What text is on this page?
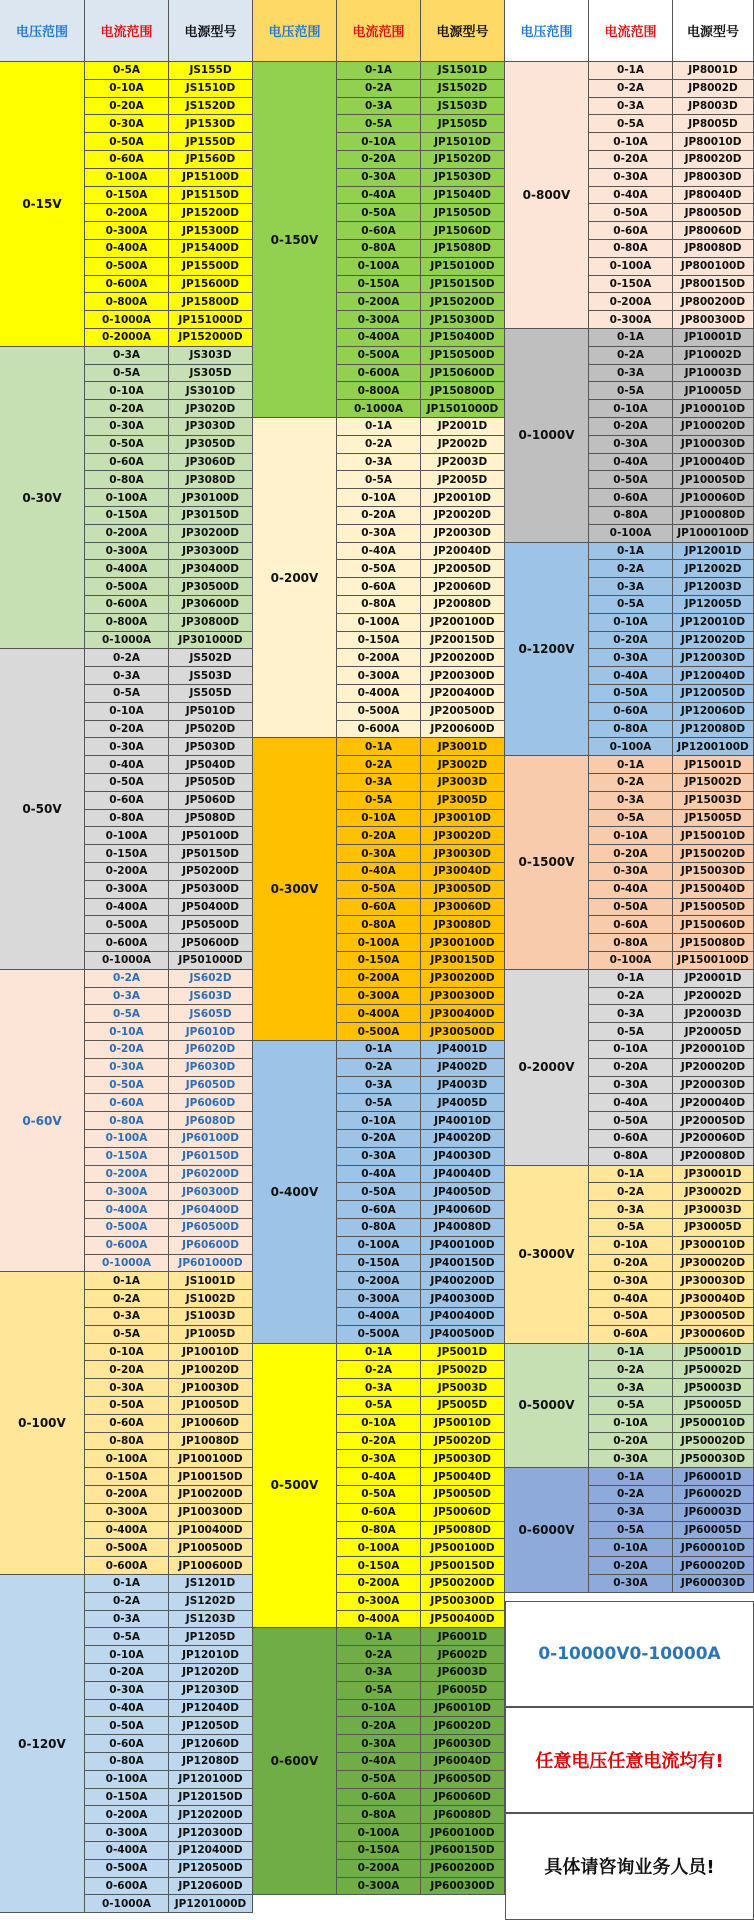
电压范围	电流范围	电源型号
0-15V
0-5A	JS155D
0-10A	JS1510D
0-20A	JS1520D
0-30A	JP1530D
0-50A	JP1550D
0-60A	JP1560D
0-100A	JP15100D
0-150A	JP15150D
0-200A	JP15200D
0-300A	JP15300D
0-400A	JP15400D
0-500A	JP15500D
0-600A	JP15600D
0-800A	JP15800D
0-1000A	JP151000D
0-2000A	JP152000D
0-30V
0-3A	JS303D
0-5A	JS305D
0-10A	JS3010D
0-20A	JP3020D
0-30A	JP3030D
0-50A	JP3050D
0-60A	JP3060D
0-80A	JP3080D
0-100A	JP30100D
0-150A	JP30150D
0-200A	JP30200D
0-300A	JP30300D
0-400A	JP30400D
0-500A	JP30500D
0-600A	JP30600D
0-800A	JP30800D
0-1000A	JP301000D
0-50V
0-2A	JS502D
0-3A	JS503D
0-5A	JS505D
0-10A	JP5010D
0-20A	JP5020D
0-30A	JP5030D
0-40A	JP5040D
0-50A	JP5050D
0-60A	JP5060D
0-80A	JP5080D
0-100A	JP50100D
0-150A	JP50150D
0-200A	JP50200D
0-300A	JP50300D
0-400A	JP50400D
0-500A	JP50500D
0-600A	JP50600D
0-1000A	JP501000D
0-60V
0-2A	JS602D
0-3A	JS603D
0-5A	JS605D
0-10A	JP6010D
0-20A	JP6020D
0-30A	JP6030D
0-50A	JP6050D
0-60A	JP6060D
0-80A	JP6080D
0-100A	JP60100D
0-150A	JP60150D
0-200A	JP60200D
0-300A	JP60300D
0-400A	JP60400D
0-500A	JP60500D
0-600A	JP60600D
0-1000A	JP601000D
0-100V
0-1A	JS1001D
0-2A	JS1002D
0-3A	JS1003D
0-5A	JP1005D
0-10A	JP10010D
0-20A	JP10020D
0-30A	JP10030D
0-50A	JP10050D
0-60A	JP10060D
0-80A	JP10080D
0-100A	JP100100D
0-150A	JP100150D
0-200A	JP100200D
0-300A	JP100300D
0-400A	JP100400D
0-500A	JP100500D
0-600A	JP100600D
0-120V
0-1A	JS1201D
0-2A	JS1202D
0-3A	JS1203D
0-5A	JP1205D
0-10A	JP12010D
0-20A	JP12020D
0-30A	JP12030D
0-40A	JP12040D
0-50A	JP12050D
0-60A	JP12060D
0-80A	JP12080D
0-100A	JP120100D
0-150A	JP120150D
0-200A	JP120200D
0-300A	JP120300D
0-400A	JP120400D
0-500A	JP120500D
0-600A	JP120600D
0-1000A	JP1201000D
电压范围	电流范围	电源型号
0-150V
0-1A	JS1501D
0-2A	JS1502D
0-3A	JS1503D
0-5A	JP1505D
0-10A	JP15010D
0-20A	JP15020D
0-30A	JP15030D
0-40A	JP15040D
0-50A	JP15050D
0-60A	JP15060D
0-80A	JP15080D
0-100A	JP150100D
0-150A	JP150150D
0-200A	JP150200D
0-300A	JP150300D
0-400A	JP150400D
0-500A	JP150500D
0-600A	JP150600D
0-800A	JP150800D
0-1000A	JP1501000D
0-200V
0-1A	JP2001D
0-2A	JP2002D
0-3A	JP2003D
0-5A	JP2005D
0-10A	JP20010D
0-20A	JP20020D
0-30A	JP20030D
0-40A	JP20040D
0-50A	JP20050D
0-60A	JP20060D
0-80A	JP20080D
0-100A	JP200100D
0-150A	JP200150D
0-200A	JP200200D
0-300A	JP200300D
0-400A	JP200400D
0-500A	JP200500D
0-600A	JP200600D
0-300V
0-1A	JP3001D
0-2A	JP3002D
0-3A	JP3003D
0-5A	JP3005D
0-10A	JP30010D
0-20A	JP30020D
0-30A	JP30030D
0-40A	JP30040D
0-50A	JP30050D
0-60A	JP30060D
0-80A	JP30080D
0-100A	JP300100D
0-150A	JP300150D
0-200A	JP300200D
0-300A	JP300300D
0-400A	JP300400D
0-500A	JP300500D
0-400V
0-1A	JP4001D
0-2A	JP4002D
0-3A	JP4003D
0-5A	JP4005D
0-10A	JP40010D
0-20A	JP40020D
0-30A	JP40030D
0-40A	JP40040D
0-50A	JP40050D
0-60A	JP40060D
0-80A	JP40080D
0-100A	JP400100D
0-150A	JP400150D
0-200A	JP400200D
0-300A	JP400300D
0-400A	JP400400D
0-500A	JP400500D
0-500V
0-1A	JP5001D
0-2A	JP5002D
0-3A	JP5003D
0-5A	JP5005D
0-10A	JP50010D
0-20A	JP50020D
0-30A	JP50030D
0-40A	JP50040D
0-50A	JP50050D
0-60A	JP50060D
0-80A	JP50080D
0-100A	JP500100D
0-150A	JP500150D
0-200A	JP500200D
0-300A	JP500300D
0-400A	JP500400D
0-600V
0-1A	JP6001D
0-2A	JP6002D
0-3A	JP6003D
0-5A	JP6005D
0-10A	JP60010D
0-20A	JP60020D
0-30A	JP60030D
0-40A	JP60040D
0-50A	JP60050D
0-60A	JP60060D
0-80A	JP60080D
0-100A	JP600100D
0-150A	JP600150D
0-200A	JP600200D
0-300A	JP600300D
电压范围	电流范围	电源型号
0-800V
0-1A	JP8001D
0-2A	JP8002D
0-3A	JP8003D
0-5A	JP8005D
0-10A	JP80010D
0-20A	JP80020D
0-30A	JP80030D
0-40A	JP80040D
0-50A	JP80050D
0-60A	JP80060D
0-80A	JP80080D
0-100A	JP800100D
0-150A	JP800150D
0-200A	JP800200D
0-300A	JP800300D
0-1000V
0-1A	JP10001D
0-2A	JP10002D
0-3A	JP10003D
0-5A	JP10005D
0-10A	JP100010D
0-20A	JP100020D
0-30A	JP100030D
0-40A	JP100040D
0-50A	JP100050D
0-60A	JP100060D
0-80A	JP100080D
0-100A	JP1000100D
0-1200V
0-1A	JP12001D
0-2A	JP12002D
0-3A	JP12003D
0-5A	JP12005D
0-10A	JP120010D
0-20A	JP120020D
0-30A	JP120030D
0-40A	JP120040D
0-50A	JP120050D
0-60A	JP120060D
0-80A	JP120080D
0-100A	JP1200100D
0-1500V
0-1A	JP15001D
0-2A	JP15002D
0-3A	JP15003D
0-5A	JP15005D
0-10A	JP150010D
0-20A	JP150020D
0-30A	JP150030D
0-40A	JP150040D
0-50A	JP150050D
0-60A	JP150060D
0-80A	JP150080D
0-100A	JP1500100D
0-2000V
0-1A	JP20001D
0-2A	JP20002D
0-3A	JP20003D
0-5A	JP20005D
0-10A	JP200010D
0-20A	JP200020D
0-30A	JP200030D
0-40A	JP200040D
0-50A	JP200050D
0-60A	JP200060D
0-80A	JP200080D
0-3000V
0-1A	JP30001D
0-2A	JP30002D
0-3A	JP30003D
0-5A	JP30005D
0-10A	JP300010D
0-20A	JP300020D
0-30A	JP300030D
0-40A	JP300040D
0-50A	JP300050D
0-60A	JP300060D
0-5000V
0-1A	JP50001D
0-2A	JP50002D
0-3A	JP50003D
0-5A	JP50005D
0-10A	JP500010D
0-20A	JP500020D
0-30A	JP500030D
0-6000V
0-1A	JP60001D
0-2A	JP60002D
0-3A	JP60003D
0-5A	JP60005D
0-10A	JP600010D
0-20A	JP600020D
0-30A	JP600030D
0-10000V0-10000A
任意电压任意电流均有!
具体请咨询业务人员!
